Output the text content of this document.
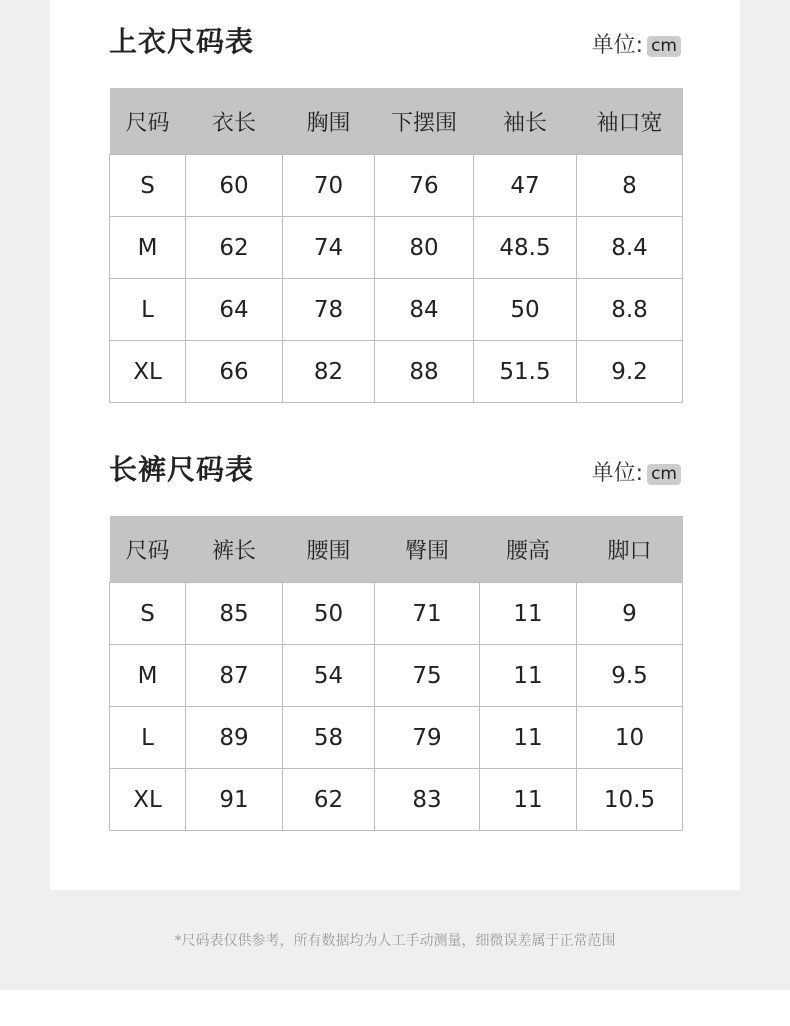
上衣尺码表	单位: cm
尺码	衣长	胸围	下摆围	袖长	袖口宽
S	60	70	76	47	8
M	62	74	80	48.5	8.4
L	64	78	84	50	8.8
XL	66	82	88	51.5	9.2
长裤尺码表	单位: cm
尺码	裤长	腰围	臀围	腰高	脚口
S	85	50	71	11	9
M	87	54	75	11	9.5
L	89	58	79	11	10
XL	91	62	83	11	10.5
*尺码表仅供参考，所有数据均为人工手动测量，细微误差属于正常范围
